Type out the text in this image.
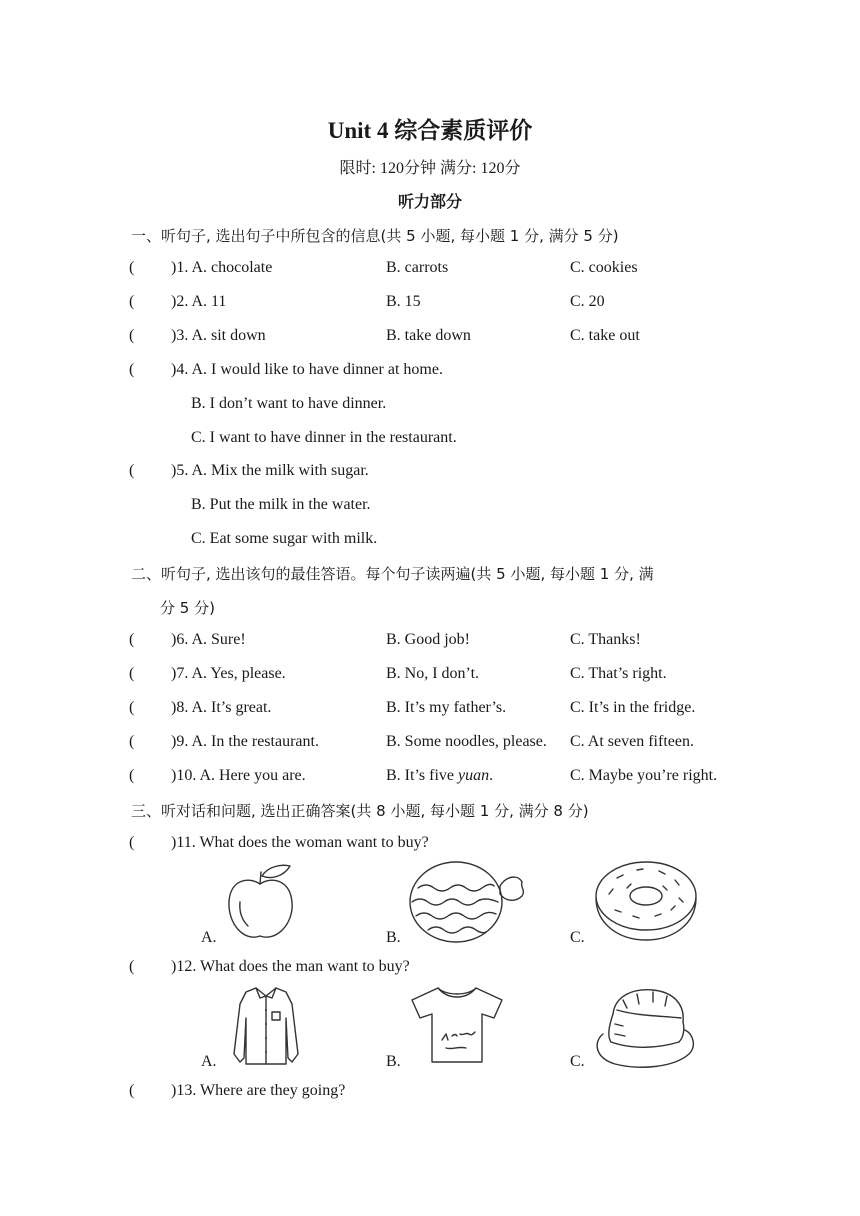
Unit 4 综合素质评价
限时: 120分钟 满分: 120分
听力部分
一、听句子, 选出句子中所包含的信息(共 5 小题, 每小题 1 分, 满分 5 分)
( )1. A. chocolate	B. carrots	C. cookies
( )2. A. 11	B. 15	C. 20
( )3. A. sit down	B. take down	C. take out
( )4. A. I would like to have dinner at home.
B. I don’t want to have dinner.
C. I want to have dinner in the restaurant.
( )5. A. Mix the milk with sugar.
B. Put the milk in the water.
C. Eat some sugar with milk.
二、听句子, 选出该句的最佳答语。每个句子读两遍(共 5 小题, 每小题 1 分, 满
分 5 分)
( )6. A. Sure!	B. Good job!	C. Thanks!
( )7. A. Yes, please.	B. No, I don’t.	C. That’s right.
( )8. A. It’s great.	B. It’s my father’s.	C. It’s in the fridge.
( )9. A. In the restaurant.	B. Some noodles, please. C. At seven fifteen.
( )10. A. Here you are.	B. It’s five yuan.	C. Maybe you’re right.
三、听对话和问题, 选出正确答案(共 8 小题, 每小题 1 分, 满分 8 分)
( )11. What does the woman want to buy?
A.	B.	C.
( )12. What does the man want to buy?
A.	B.	C.
( )13. Where are they going?
